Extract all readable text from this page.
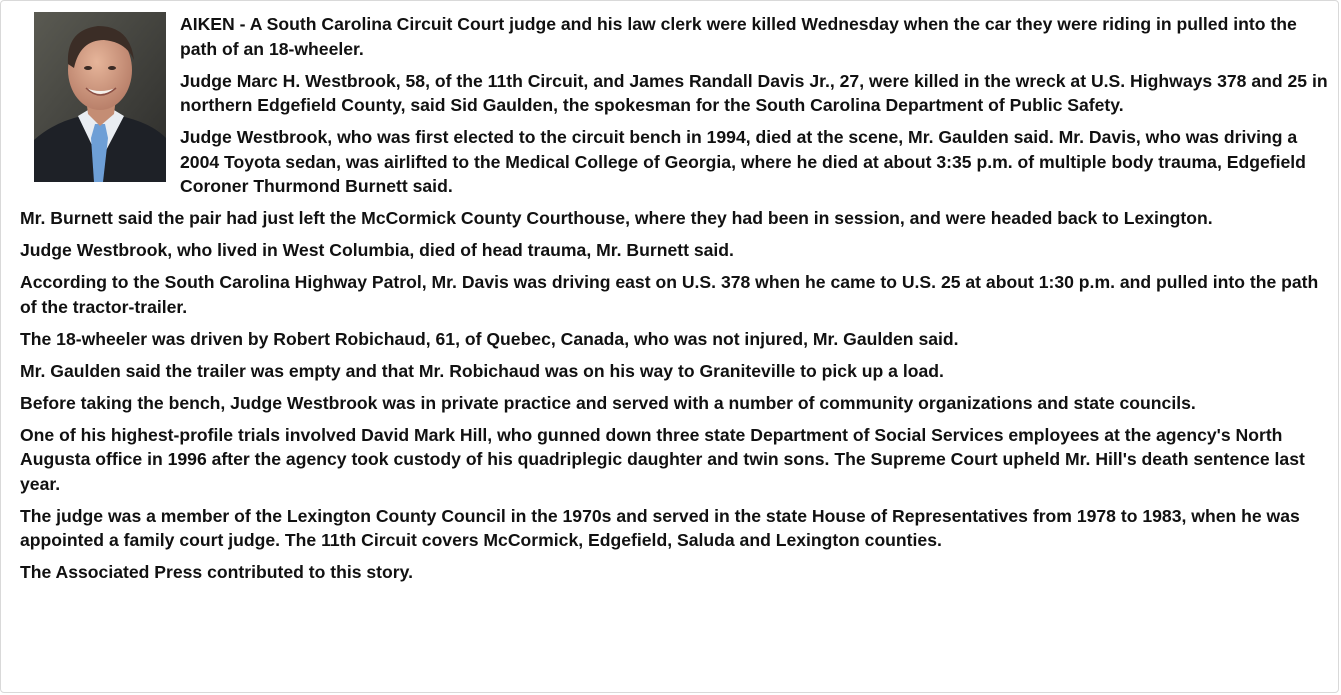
AIKEN - A South Carolina Circuit Court judge and his law clerk were killed Wednesday when the car they were riding in pulled into the path of an 18-wheeler.

Judge Marc H. Westbrook, 58, of the 11th Circuit, and James Randall Davis Jr., 27, were killed in the wreck at U.S. Highways 378 and 25 in northern Edgefield County, said Sid Gaulden, the spokesman for the South Carolina Department of Public Safety.

Judge Westbrook, who was first elected to the circuit bench in 1994, died at the scene, Mr. Gaulden said. Mr. Davis, who was driving a 2004 Toyota sedan, was airlifted to the Medical College of Georgia, where he died at about 3:35 p.m. of multiple body trauma, Edgefield Coroner Thurmond Burnett said.

Mr. Burnett said the pair had just left the McCormick County Courthouse, where they had been in session, and were headed back to Lexington.

Judge Westbrook, who lived in West Columbia, died of head trauma, Mr. Burnett said.

According to the South Carolina Highway Patrol, Mr. Davis was driving east on U.S. 378 when he came to U.S. 25 at about 1:30 p.m. and pulled into the path of the tractor-trailer.

The 18-wheeler was driven by Robert Robichaud, 61, of Quebec, Canada, who was not injured, Mr. Gaulden said.

Mr. Gaulden said the trailer was empty and that Mr. Robichaud was on his way to Graniteville to pick up a load.

Before taking the bench, Judge Westbrook was in private practice and served with a number of community organizations and state councils.

One of his highest-profile trials involved David Mark Hill, who gunned down three state Department of Social Services employees at the agency's North Augusta office in 1996 after the agency took custody of his quadriplegic daughter and twin sons. The Supreme Court upheld Mr. Hill's death sentence last year.

The judge was a member of the Lexington County Council in the 1970s and served in the state House of Representatives from 1978 to 1983, when he was appointed a family court judge. The 11th Circuit covers McCormick, Edgefield, Saluda and Lexington counties.

The Associated Press contributed to this story.
